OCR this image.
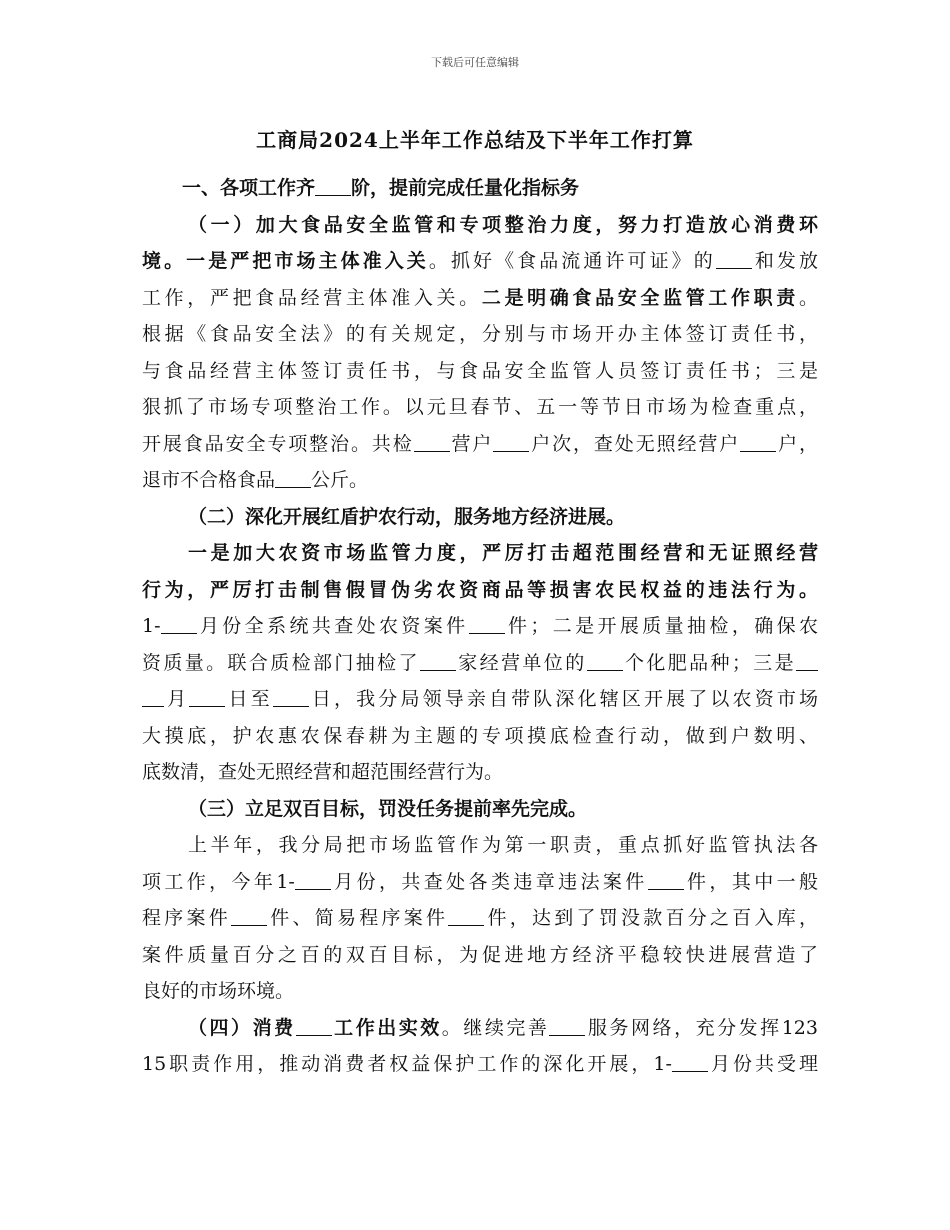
下载后可任意编辑
工商局2024上半年工作总结及下半年工作打算
一、各项工作齐 阶，提前完成任量化指标务
（一）加大食品安全监管和专项整治力度，努力打造放心消费环
境。一是严把市场主体准入关。抓好《食品流通许可证》的 和发放
工作，严把食品经营主体准入关。二是明确食品安全监管工作职责。
根据《食品安全法》的有关规定，分别与市场开办主体签订责任书，
与食品经营主体签订责任书，与食品安全监管人员签订责任书；三是
狠抓了市场专项整治工作。以元旦春节、五一等节日市场为检查重点，
开展食品安全专项整治。共检 营户 户次，查处无照经营户 户，
退市不合格食品 公斤。
（二）深化开展红盾护农行动，服务地方经济进展。
一是加大农资市场监管力度，严厉打击超范围经营和无证照经营
行为，严厉打击制售假冒伪劣农资商品等损害农民权益的违法行为。
1- 月份全系统共查处农资案件 件；二是开展质量抽检，确保农
资质量。联合质检部门抽检了 家经营单位的 个化肥品种；三是
月 日至 日，我分局领导亲自带队深化辖区开展了以农资市场
大摸底，护农惠农保春耕为主题的专项摸底检查行动，做到户数明、
底数清，查处无照经营和超范围经营行为。
（三）立足双百目标，罚没任务提前率先完成。
上半年，我分局把市场监管作为第一职责，重点抓好监管执法各
项工作，今年1- 月份，共查处各类违章违法案件 件，其中一般
程序案件 件、简易程序案件 件，达到了罚没款百分之百入库，
案件质量百分之百的双百目标，为促进地方经济平稳较快进展营造了
良好的市场环境。
（四）消费 工作出实效。继续完善 服务网络，充分发挥123
15职责作用，推动消费者权益保护工作的深化开展，1- 月份共受理
